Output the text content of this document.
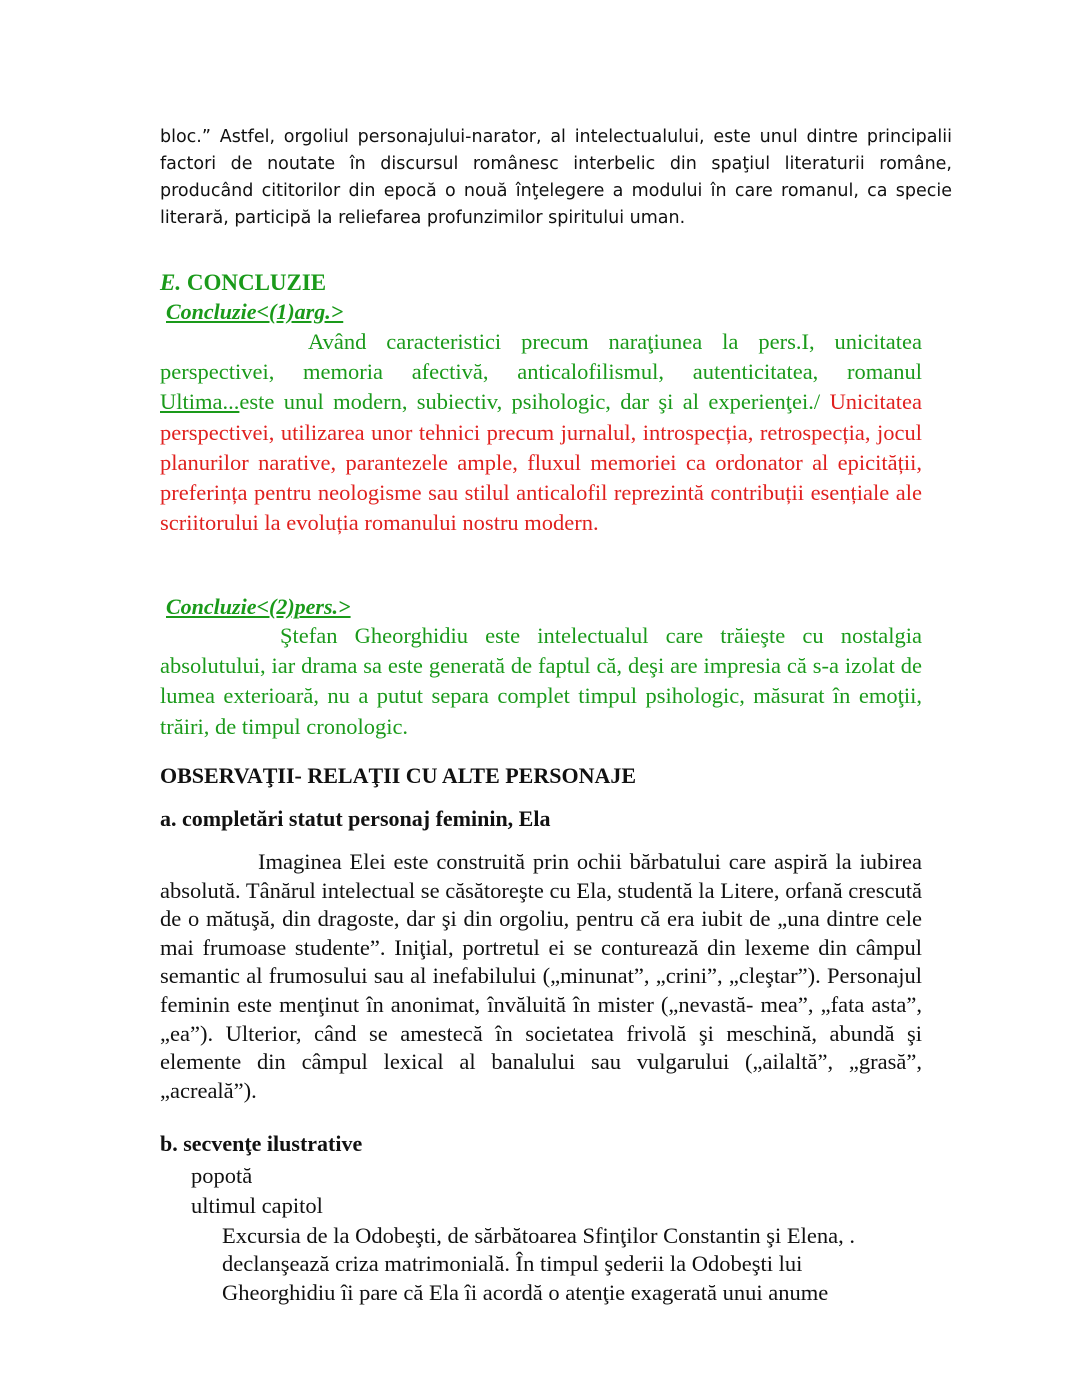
bloc.” Astfel, orgoliul personajului-narator, al intelectualului, este unul dintre principalii factori de noutate în discursul românesc interbelic din spaţiul literaturii române, producând cititorilor din epocă o nouă înţelegere a modului în care romanul, ca specie literară, participă la reliefarea profunzimilor spiritului uman.
E. CONCLUZIE
Concluzie<(1)arg.>
Având caracteristici precum naraţiunea la pers.I, unicitatea perspectivei, memoria afectivă, anticalofilismul, autenticitatea, romanul Ultima...este unul modern, subiectiv, psihologic, dar şi al experienţei./ Unicitatea perspectivei, utilizarea unor tehnici precum jurnalul, introspecția, retrospecția, jocul planurilor narative, parantezele ample, fluxul memoriei ca ordonator al epicității, preferința pentru neologisme sau stilul anticalofil reprezintă contribuții esențiale ale scriitorului la evoluția romanului nostru modern.
Concluzie<(2)pers.>
Ştefan Gheorghidiu este intelectualul care trăieşte cu nostalgia absolutului, iar drama sa este generată de faptul că, deşi are impresia că s-a izolat de lumea exterioară, nu a putut separa complet timpul psihologic, măsurat în emoţii, trăiri, de timpul cronologic.
OBSERVAŢII- RELAŢII CU ALTE PERSONAJE
a. completări statut personaj feminin, Ela
Imaginea Elei este construită prin ochii bărbatului care aspiră la iubirea absolută. Tânărul intelectual se căsătoreşte cu Ela, studentă la Litere, orfană crescută de o mătuşă, din dragoste, dar şi din orgoliu, pentru că era iubit de „una dintre cele mai frumoase studente”. Iniţial, portretul ei se conturează din lexeme din câmpul semantic al frumosului sau al inefabilului („minunat”, „crini”, „cleştar”). Personajul feminin este menţinut în anonimat, învăluită în mister („nevastă- mea”, „fata asta”, „ea”). Ulterior, când se amestecă în societatea frivolă şi meschină, abundă şi elemente din câmpul lexical al banalului sau vulgarului („ailaltă”, „grasă”, „acreală”).
b. secvenţe ilustrative
popotă
ultimul capitol
Excursia de la Odobeşti, de sărbătoarea Sfinţilor Constantin şi Elena, .
declanşează criza matrimonială. În timpul şederii la Odobeşti lui
Gheorghidiu îi pare că Ela îi acordă o atenţie exagerată unui anume
